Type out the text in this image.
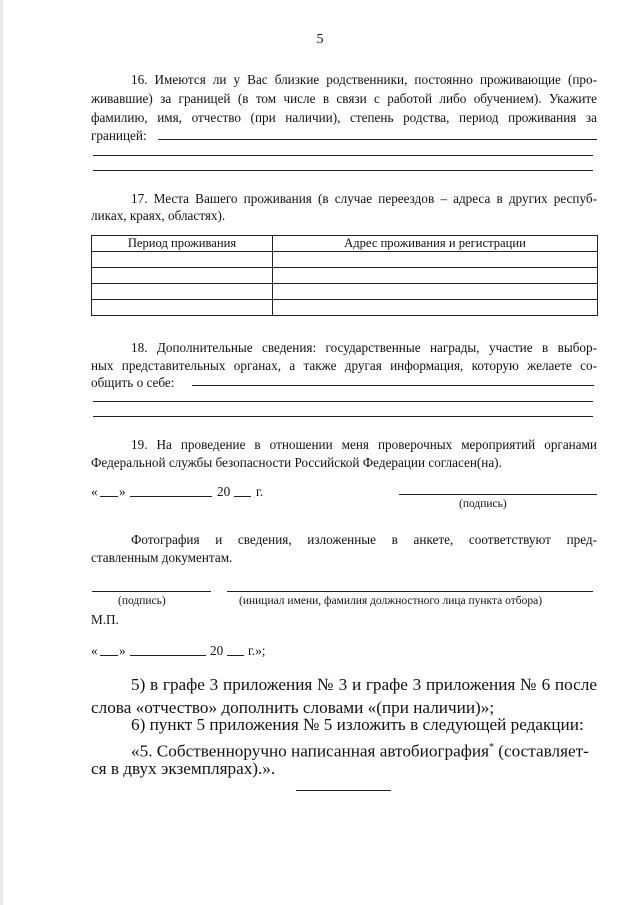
5
16. Имеются ли у Вас близкие родственники, постоянно проживающие (про-
живавшие) за границей (в том числе в связи с работой либо обучением). Укажите
фамилию, имя, отчество (при наличии), степень родства, период проживания за
границей:
17. Места Вашего проживания (в случае переездов – адреса в других респуб-
ликах, краях, областях).
Период проживания	Адрес проживания и регистрации

18. Дополнительные сведения: государственные награды, участие в выбор-
ных представительных органах, а также другая информация, которую желаете со-
общить о себе:
19. На проведение в отношении меня проверочных мероприятий органами
Федеральной службы безопасности Российской Федерации согласен(на).
« »	20 г.
(подпись)
Фотография и сведения, изложенные в анкете, соответствуют пред-
ставленным документам.
(подпись)	(инициал имени, фамилия должностного лица пункта отбора)
М.П.
« »	20 г.»;
5) в графе 3 приложения № 3 и графе 3 приложения № 6 после
слова «отчество» дополнить словами «(при наличии)»;
6) пункт 5 приложения № 5 изложить в следующей редакции:
«5. Собственноручно написанная автобиография* (составляет-
ся в двух экземплярах).».
